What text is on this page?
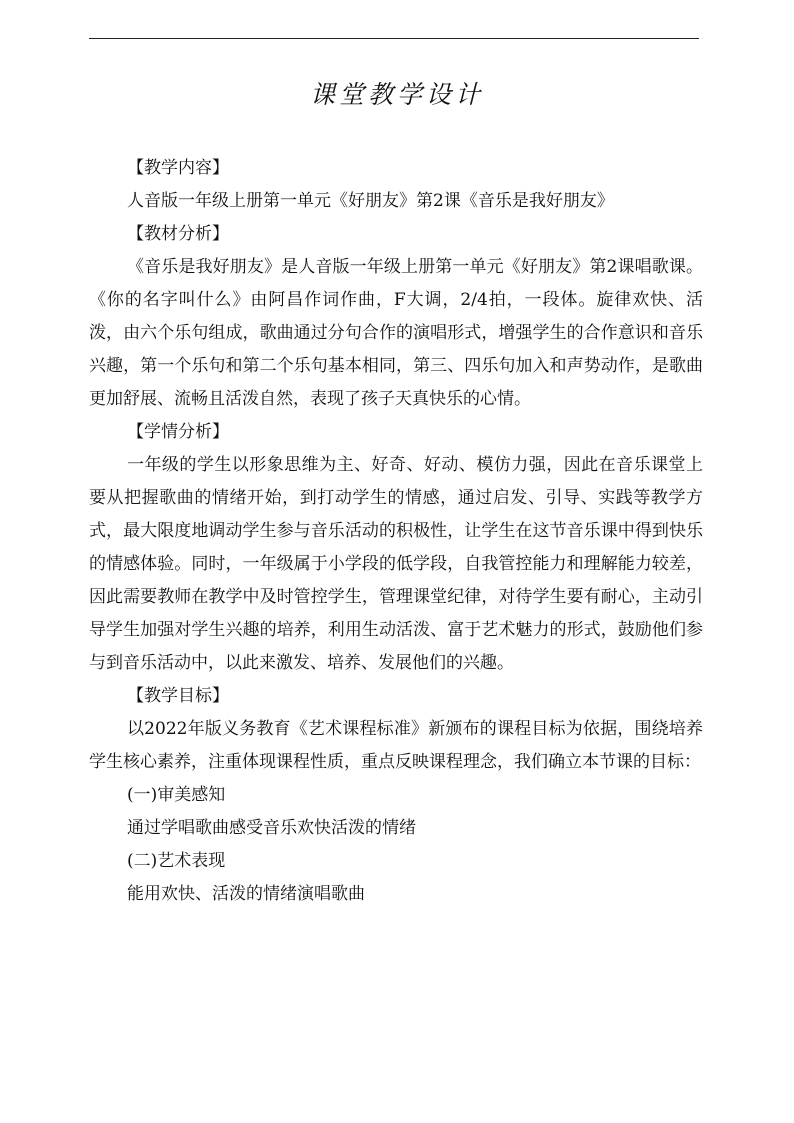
课堂教学设计

【教学内容】

人音版一年级上册第一单元《好朋友》第2课《音乐是我好朋友》

【教材分析】

《音乐是我好朋友》是人音版一年级上册第一单元《好朋友》第2课唱歌课。《你的名字叫什么》由阿昌作词作曲，F大调，2/4拍，一段体。旋律欢快、活泼，由六个乐句组成，歌曲通过分句合作的演唱形式，增强学生的合作意识和音乐兴趣，第一个乐句和第二个乐句基本相同，第三、四乐句加入和声势动作，是歌曲更加舒展、流畅且活泼自然，表现了孩子天真快乐的心情。

【学情分析】

一年级的学生以形象思维为主、好奇、好动、模仿力强，因此在音乐课堂上要从把握歌曲的情绪开始，到打动学生的情感，通过启发、引导、实践等教学方式，最大限度地调动学生参与音乐活动的积极性，让学生在这节音乐课中得到快乐的情感体验。同时，一年级属于小学段的低学段，自我管控能力和理解能力较差，因此需要教师在教学中及时管控学生，管理课堂纪律，对待学生要有耐心，主动引导学生加强对学生兴趣的培养，利用生动活泼、富于艺术魅力的形式，鼓励他们参与到音乐活动中，以此来激发、培养、发展他们的兴趣。

【教学目标】

以2022年版义务教育《艺术课程标准》新颁布的课程目标为依据，围绕培养学生核心素养，注重体现课程性质，重点反映课程理念，我们确立本节课的目标：

(一)审美感知

通过学唱歌曲感受音乐欢快活泼的情绪

(二)艺术表现

能用欢快、活泼的情绪演唱歌曲
